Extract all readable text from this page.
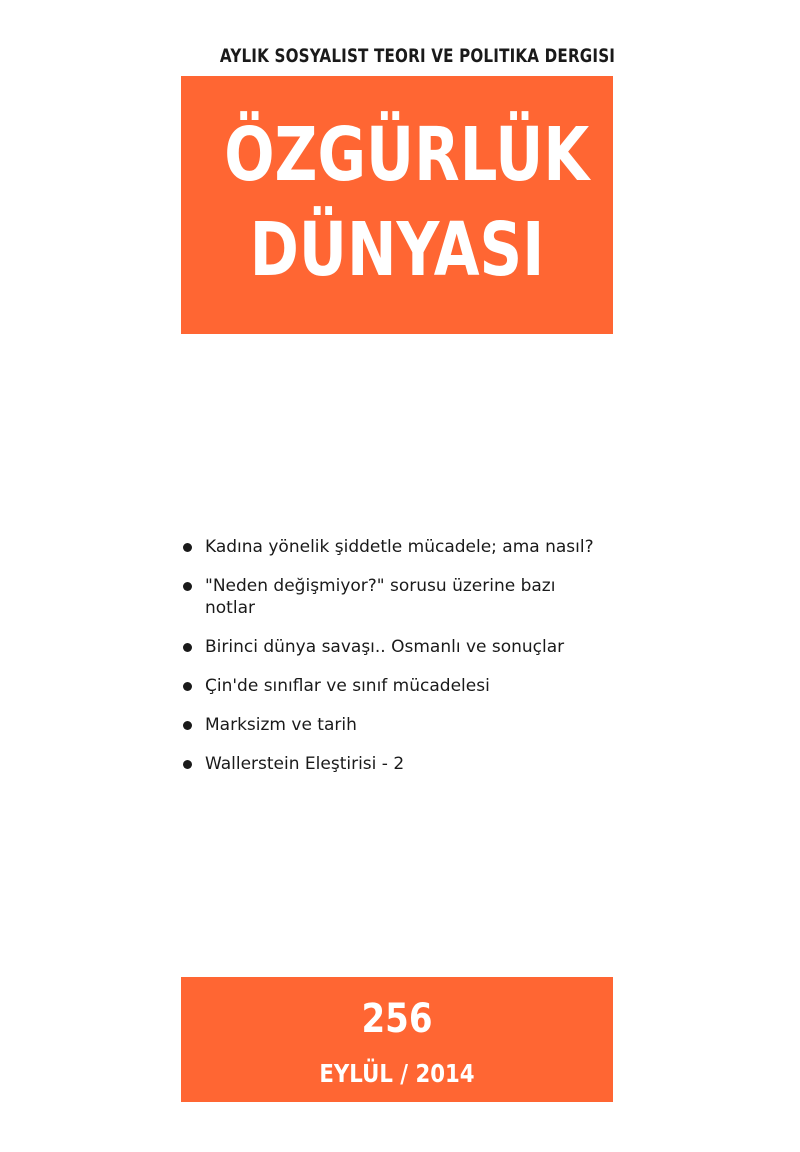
AYLIK SOSYALIST TEORI VE POLITIKA DERGISI
ÖZGÜRLÜK
DÜNYASI
Kadına yönelik şiddetle mücadele; ama nasıl?
"Neden değişmiyor?" sorusu üzerine bazı notlar
Birinci dünya savaşı.. Osmanlı ve sonuçlar
Çin'de sınıflar ve sınıf mücadelesi
Marksizm ve tarih
Wallerstein Eleştirisi - 2
256
EYLÜL / 2014
